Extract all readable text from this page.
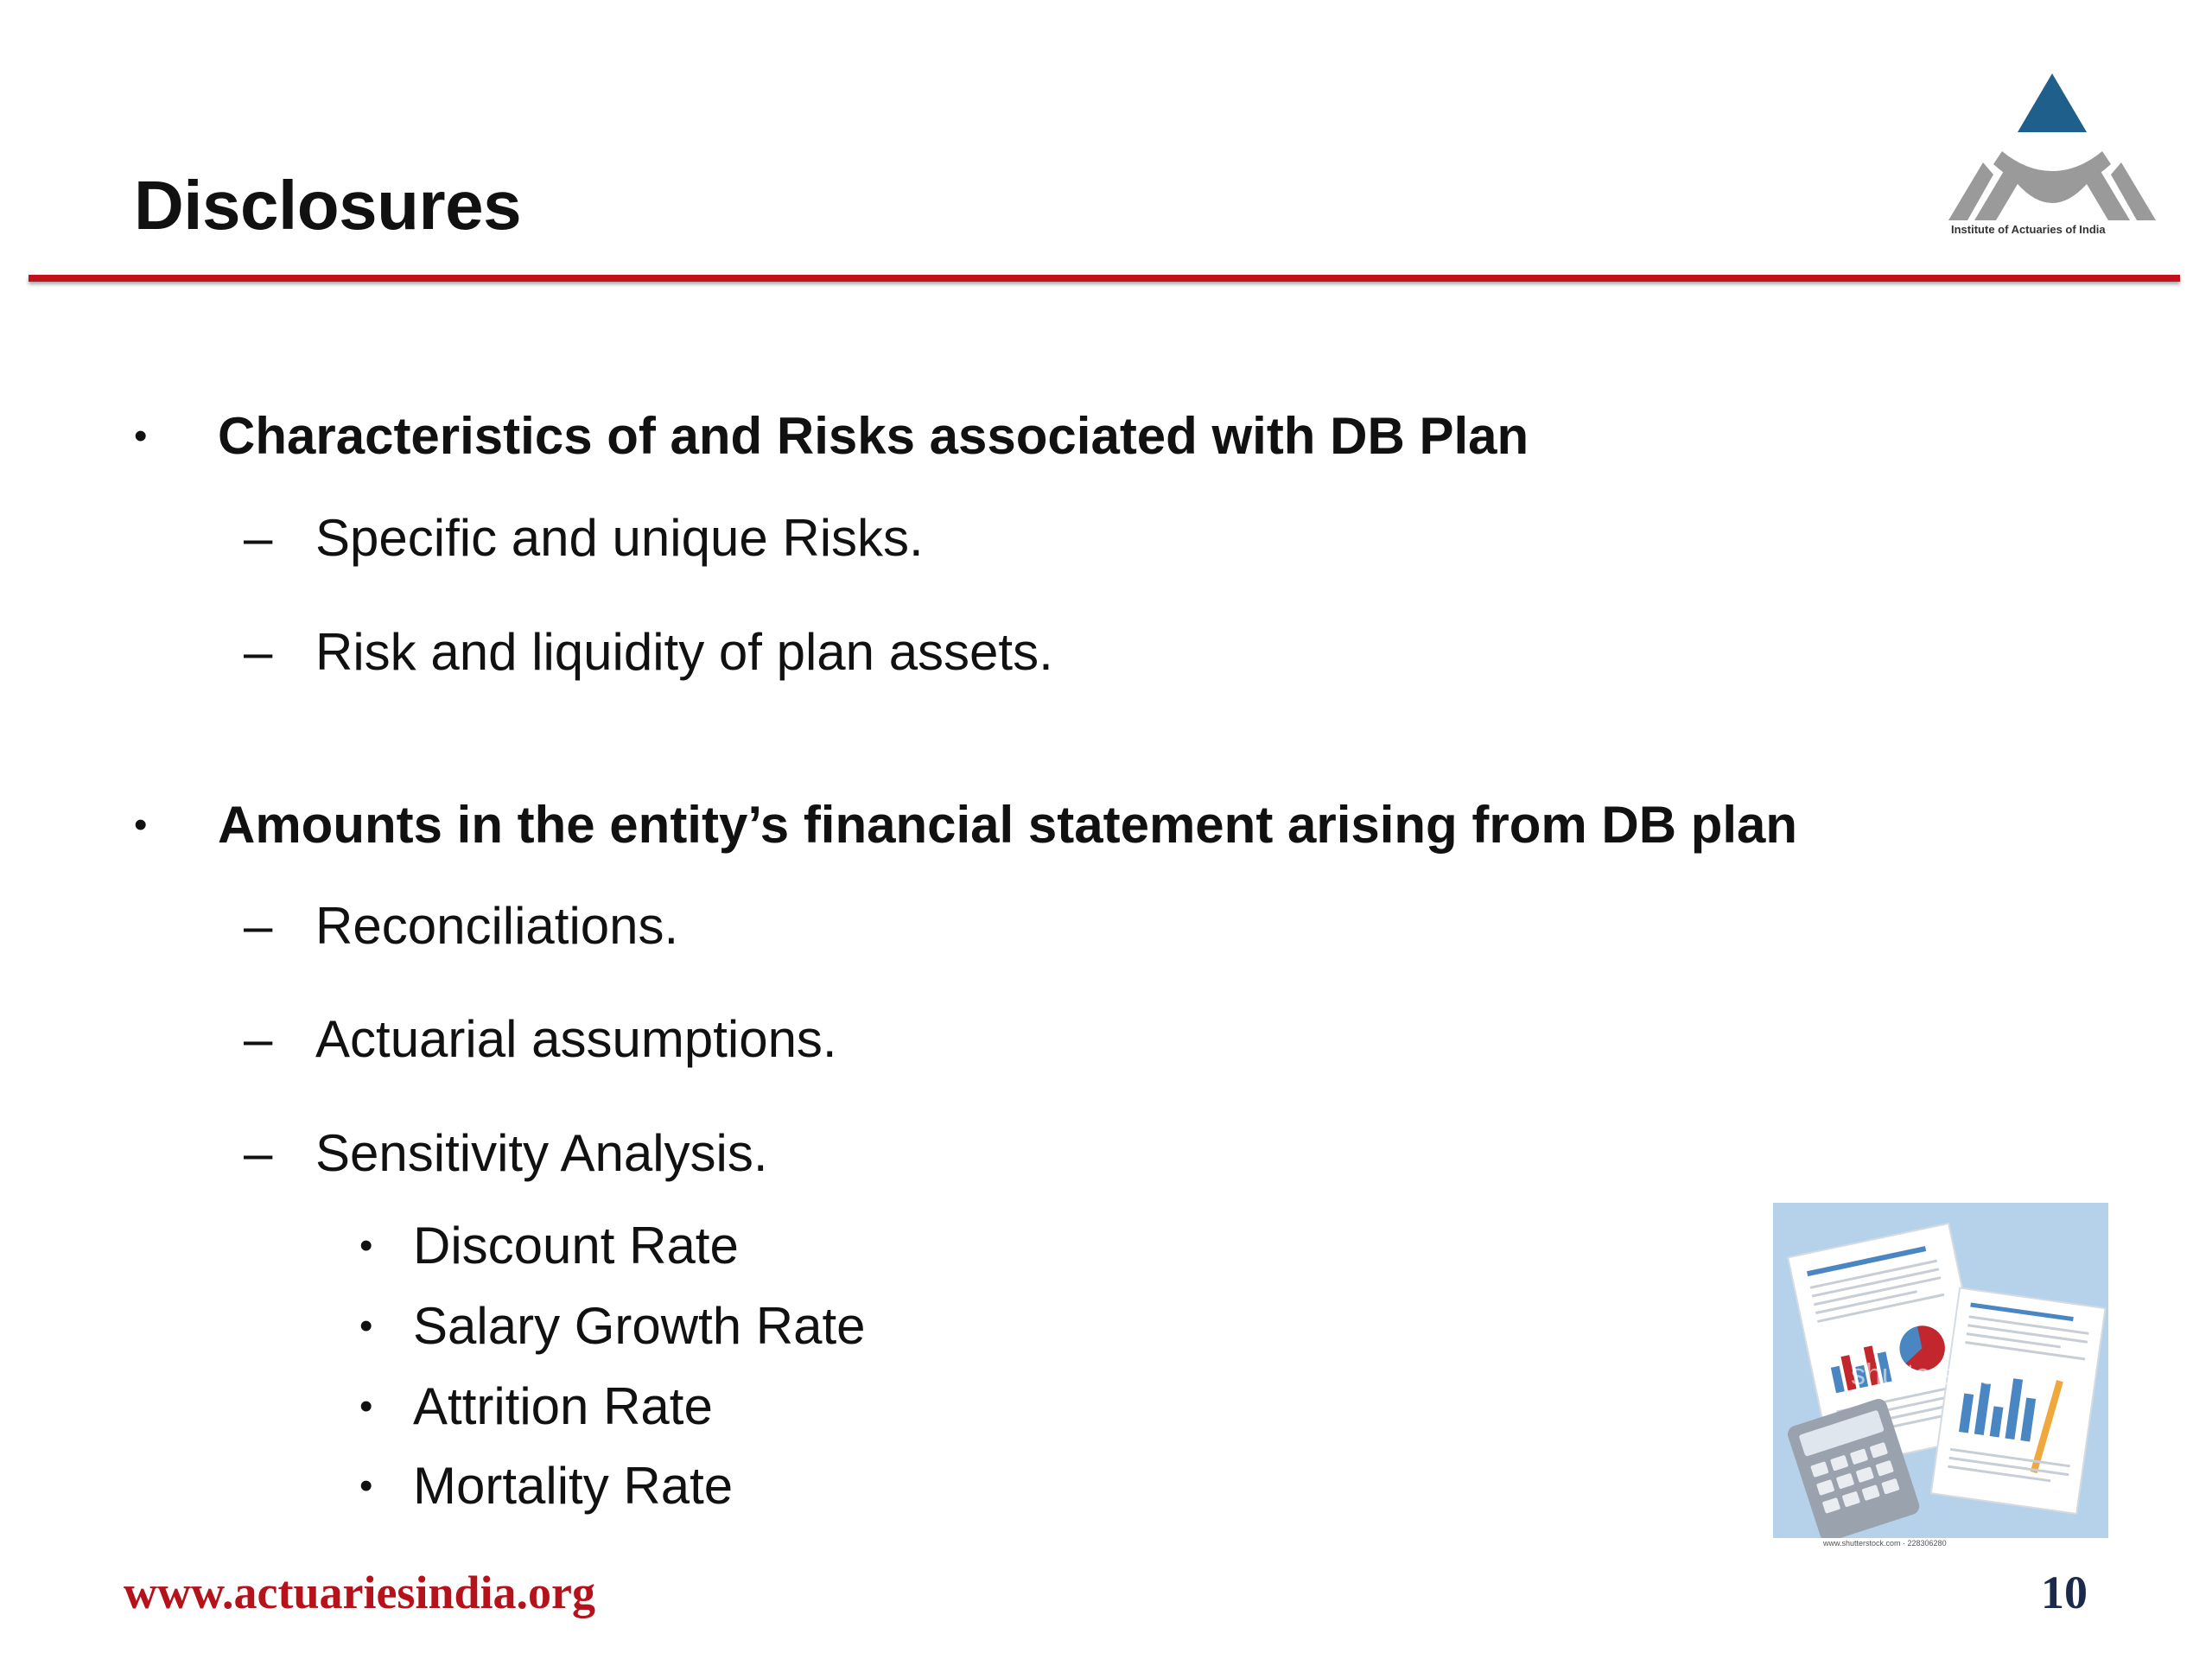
Disclosures	Institute of Actuaries of India
• Characteristics of and Risks associated with DB Plan
– Specific and unique Risks.
– Risk and liquidity of plan assets.
• Amounts in the entity’s financial statement arising from DB plan
– Reconciliations.
– Actuarial assumptions.
– Sensitivity Analysis.
• Discount Rate
• Salary Growth Rate
• Attrition Rate
• Mortality Rate
shutterstock
www.shutterstock.com · 228306280
www.actuariesindia.org	10
